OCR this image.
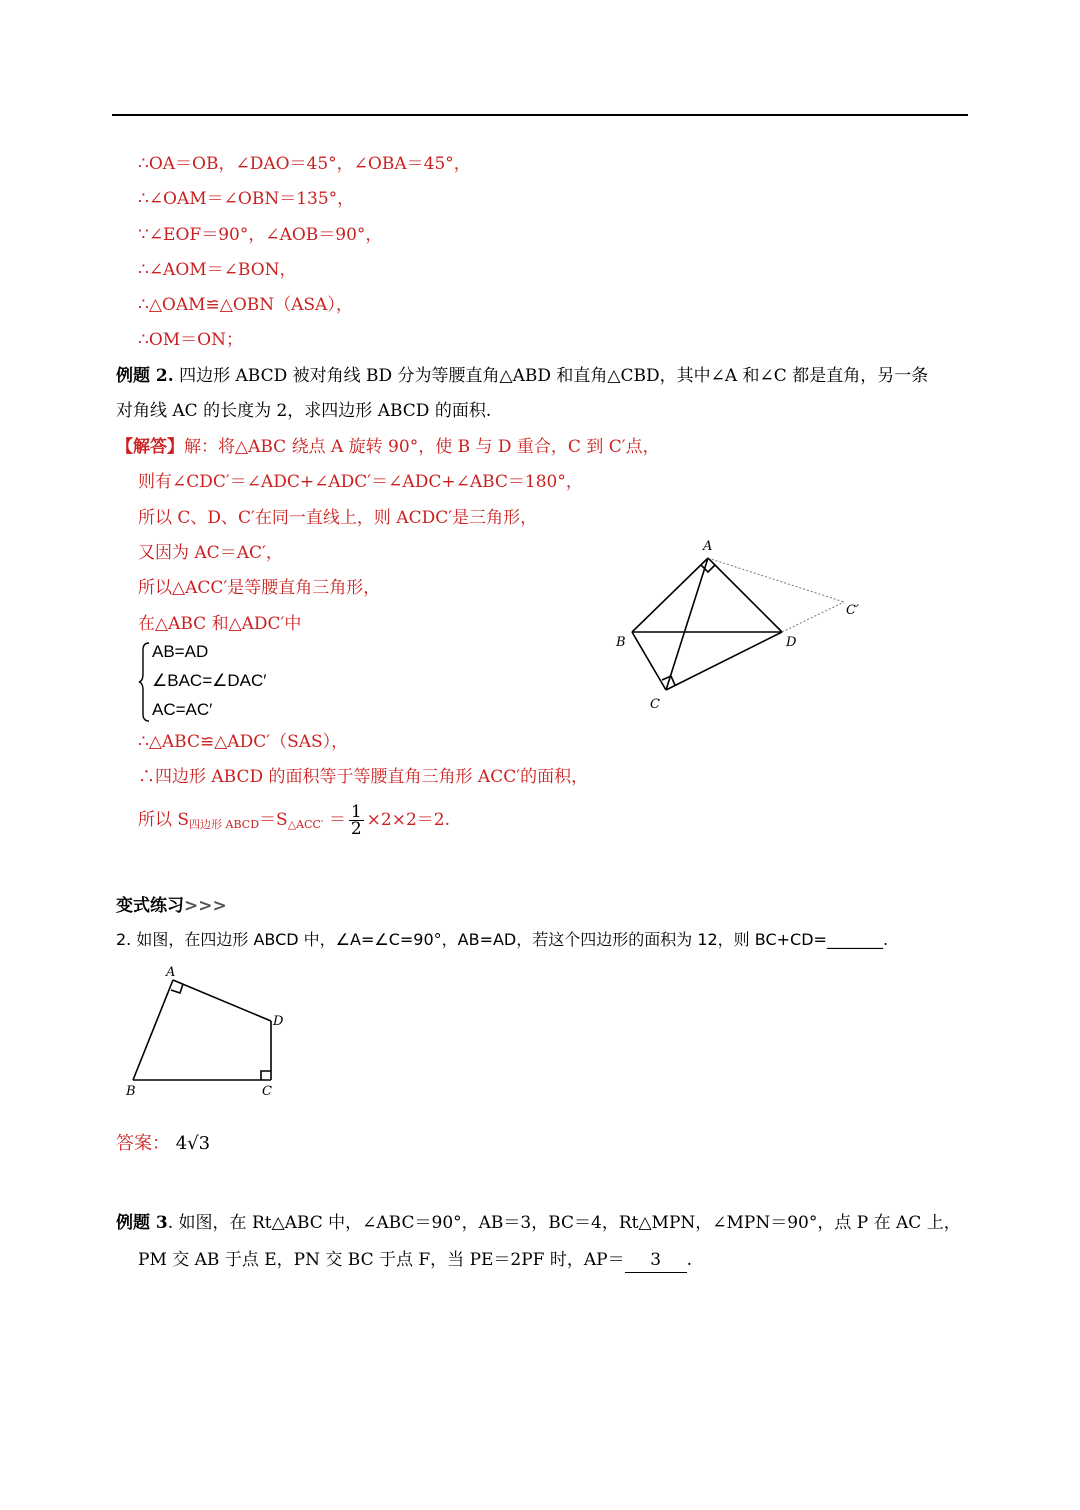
∴OA＝OB，∠DAO＝45°，∠OBA＝45°，
∴∠OAM＝∠OBN＝135°，
∵∠EOF＝90°，∠AOB＝90°，
∴∠AOM＝∠BON，
∴△OAM≌△OBN（ASA），
∴OM＝ON；
例题 2. 四边形 ABCD 被对角线 BD 分为等腰直角△ABD 和直角△CBD，其中∠A 和∠C 都是直角，另一条
对角线 AC 的长度为 2，求四边形 ABCD 的面积.
【解答】解：将△ABC 绕点 A 旋转 90°，使 B 与 D 重合，C 到 C′点，
则有∠CDC′＝∠ADC+∠ADC′＝∠ADC+∠ABC＝180°，
所以 C、D、C′在同一直线上，则 ACDC′是三角形，
又因为 AC＝AC′，
所以△ACC′是等腰直角三角形，
在△ABC 和△ADC′中
AB=AD
∠BAC=∠DAC′
AC=AC′
∴△ABC≌△ADC′（SAS），
∴四边形 ABCD 的面积等于等腰直角三角形 ACC′的面积，
所以 $S_{四边形 ABCD}=S_{\triangle ACC'} = \frac{1}{2} \times 2\times 2=2$.
A
B
C
D
C′
变式练习>>>
2. 如图，在四边形 ABCD 中，∠A=∠C=90°，AB=AD，若这个四边形的面积为 12，则 BC+CD=_______.
A
B	C
D
答案： 4√3
例题 3. 如图，在 Rt△ABC 中，∠ABC＝90°，AB＝3，BC＝4，Rt△MPN，∠MPN＝90°，点 P 在 AC 上，
PM 交 AB 于点 E，PN 交 BC 于点 F，当 PE＝2PF 时，AP＝ 3 .
